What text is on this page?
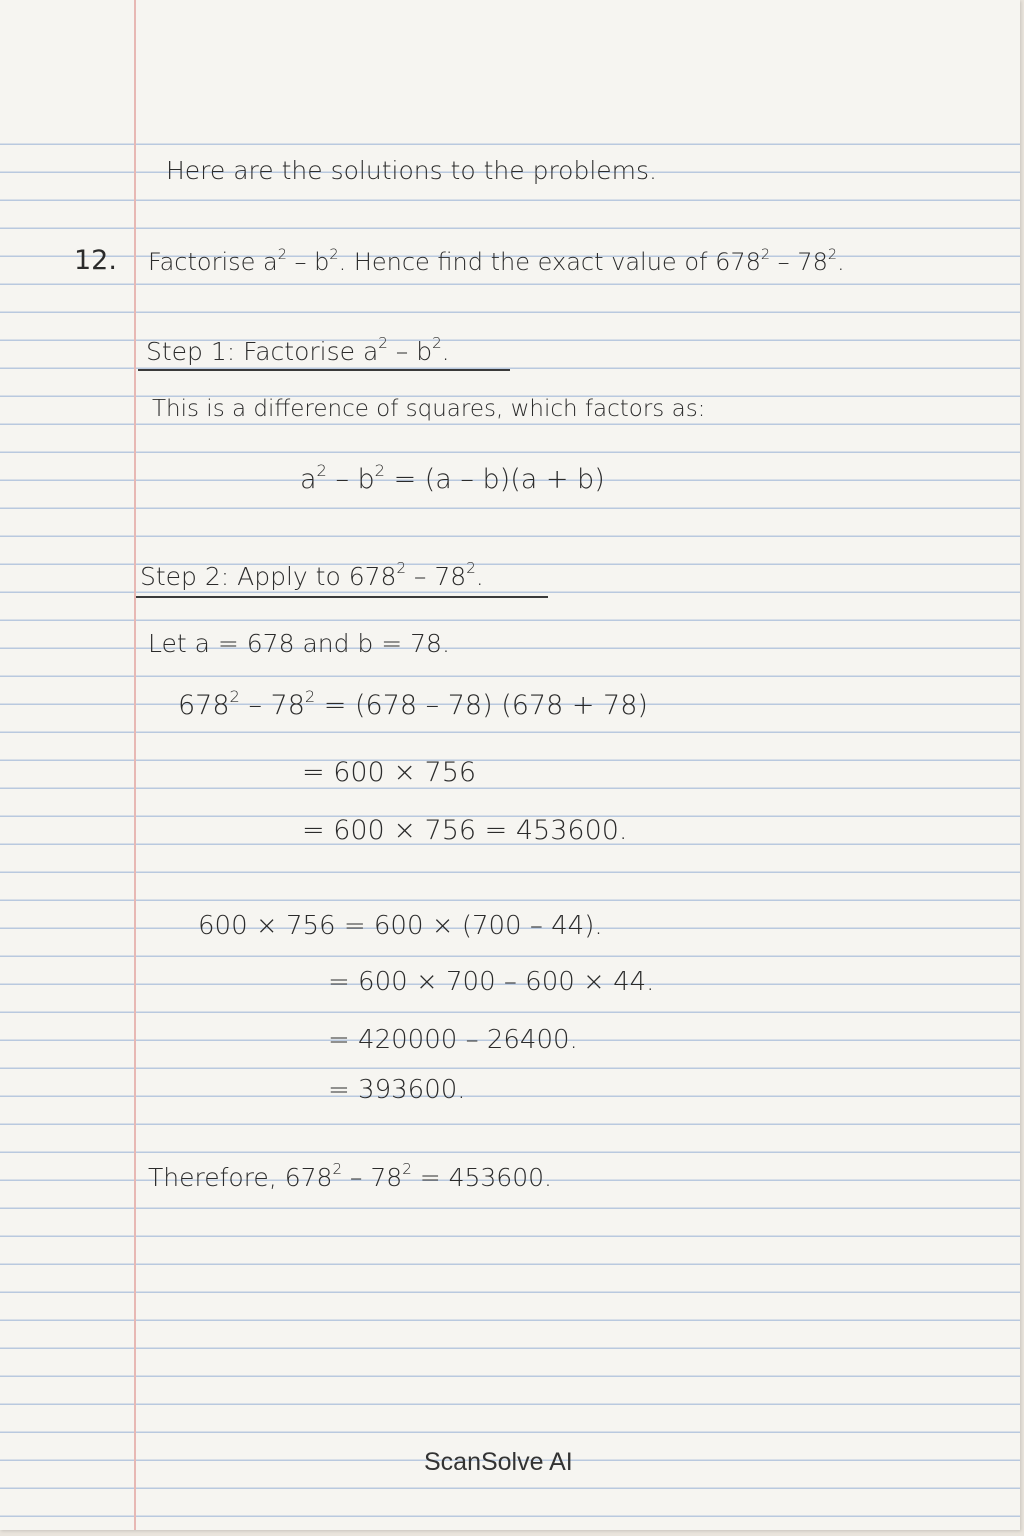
Here are the solutions to the problems.
12. Factorise $a^2 - b^2$. Hence find the exact value of $678^2 - 78^2$.
Step 1: Factorise $a^2 - b^2$.
This is a difference of squares, which factors as:
$a^2 - b^2 = (a - b)(a + b)$
Step 2: Apply to $678^2 - 78^2$.
Let a = 678 and b = 78.
$678^2 - 78^2 = (678 - 78) (678 + 78)$
= 600 × 756
= 600 × 756 = 453600.
600 × 756 = 600 × (700 – 44).
= 600 × 700 – 600 × 44.
= 420000 – 26400.
= 393600.
Therefore, $678^2 - 78^2 = 453600$.
ScanSolve AI
